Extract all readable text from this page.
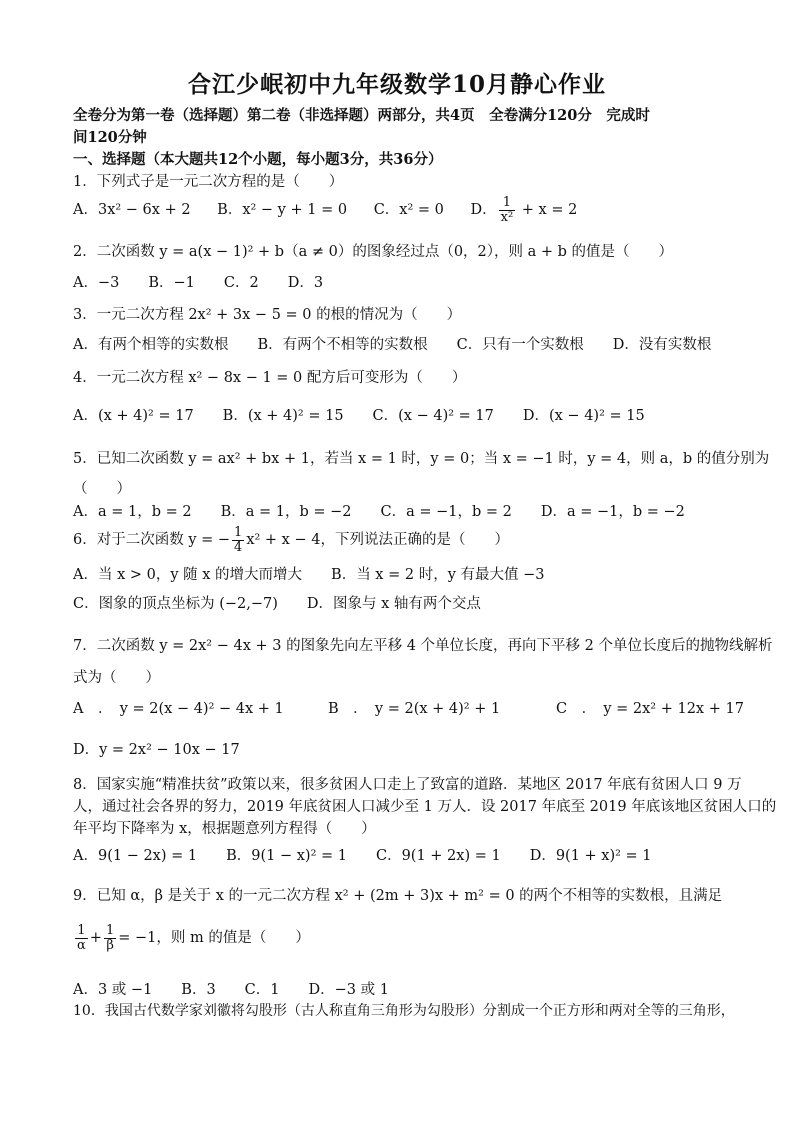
合江少岷初中九年级数学10月静心作业
全卷分为第一卷（选择题）第二卷（非选择题）两部分，共4页　全卷满分120分　完成时
间120分钟
一、选择题（本大题共12个小题，每小题3分，共36分）
1．下列式子是一元二次方程的是（　　）
A．3x² − 6x + 2 B．x² − y + 1 = 0 C．x² = 0 D． $\frac{1}{\text{x²}} + x = 2$
2．二次函数 y = a(x − 1)² + b（a ≠ 0）的图象经过点（0，2），则 a + b 的值是（　　）
A．−3　　B．−1　　C．2　　D．3
3．一元二次方程 2x² + 3x − 5 = 0 的根的情况为（　　）
A．有两个相等的实数根　　B．有两个不相等的实数根　　C．只有一个实数根　　D．没有实数根
4．一元二次方程 x² − 8x − 1 = 0 配方后可变形为（　　）
A．(x + 4)² = 17　　B．(x + 4)² = 15　　C．(x − 4)² = 17　　D．(x − 4)² = 15
5．已知二次函数 y = ax² + bx + 1，若当 x = 1 时，y = 0；当 x = −1 时，y = 4，则 a，b 的值分别为
（　　）
A．a = 1，b = 2　　B．a = 1，b = −2　　C．a = −1，b = 2　　D．a = −1，b = −2
6．对于二次函数 y = − $\frac{1}{4} x^2 + x - 4$，下列说法正确的是（　　）
A．当 x > 0，y 随 x 的增大而增大　　B．当 x = 2 时，y 有最大值 −3
C．图象的顶点坐标为 (−2,−7)　　D．图象与 x 轴有两个交点
7．二次函数 y = 2x² − 4x + 3 的图象先向左平移 4 个单位长度，再向下平移 2 个单位长度后的抛物线解析
式为（　　）
A　．　y = 2(x − 4)² − 4x + 1	B　．　y = 2(x + 4)² + 1	C　．　y = 2x² + 12x + 17
D．y = 2x² − 10x − 17
8．国家实施“精准扶贫”政策以来，很多贫困人口走上了致富的道路．某地区 2017 年底有贫困人口 9 万
人，通过社会各界的努力，2019 年底贫困人口减少至 1 万人．设 2017 年底至 2019 年底该地区贫困人口的
年平均下降率为 x，根据题意列方程得（　　）
A．9(1 − 2x) = 1　　B．9(1 − x)² = 1　　C．9(1 + 2x) = 1　　D．9(1 + x)² = 1
9．已知 α，β 是关于 x 的一元二次方程 x² + (2m + 3)x + m² = 0 的两个不相等的实数根，且满足
$\frac{1}{\alpha} + \frac{1}{\beta} = -1$，则 m 的值是（　　）
A．3 或 −1　　B．3　　C．1　　D．−3 或 1
10．我国古代数学家刘徽将勾股形（古人称直角三角形为勾股形）分割成一个正方形和两对全等的三角形，
